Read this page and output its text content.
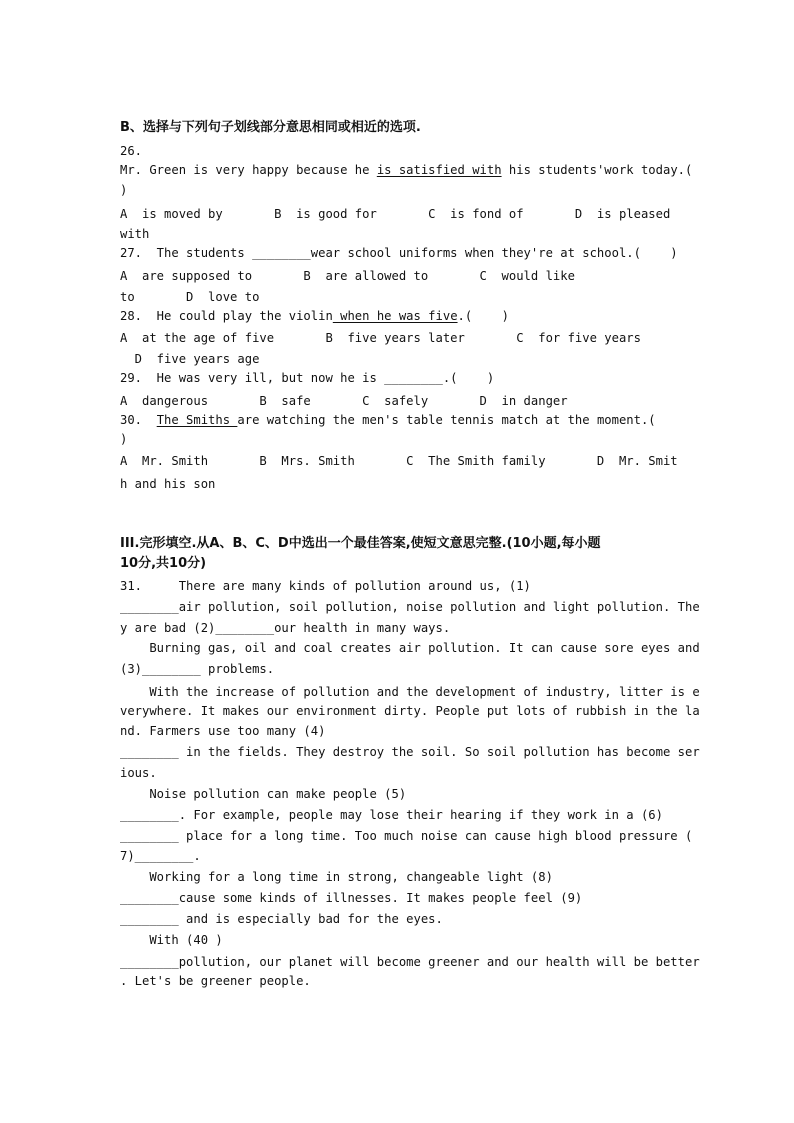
B、选择与下列句子划线部分意思相同或相近的选项.
26.
Mr. Green is very happy because he is satisfied with his students'work today.(
)
A  is moved by       B  is good for       C  is fond of       D  is pleased
with
27.  The students ________wear school uniforms when they're at school.(    )
A  are supposed to       B  are allowed to       C  would like
to       D  love to
28.  He could play the violin when he was five.(    )
A  at the age of five       B  five years later       C  for five years
D  five years age
29.  He was very ill, but now he is ________.(    )
A  dangerous       B  safe       C  safely       D  in danger
30.  The Smiths are watching the men's table tennis match at the moment.(
)
A  Mr. Smith       B  Mrs. Smith       C  The Smith family       D  Mr. Smit
h and his son
III.完形填空.从A、B、C、D中选出一个最佳答案,使短文意思完整.(10小题,每小题
10分,共10分)
31.     There are many kinds of pollution around us, (1)
________air pollution, soil pollution, noise pollution and light pollution. The
y are bad (2)________our health in many ways.
Burning gas, oil and coal creates air pollution. It can cause sore eyes and
(3)________ problems.
With the increase of pollution and the development of industry, litter is e
verywhere. It makes our environment dirty. People put lots of rubbish in the la
nd. Farmers use too many (4)
________ in the fields. They destroy the soil. So soil pollution has become ser
ious.
Noise pollution can make people (5)
________. For example, people may lose their hearing if they work in a (6)
________ place for a long time. Too much noise can cause high blood pressure (
7)________.
Working for a long time in strong, changeable light (8)
________cause some kinds of illnesses. It makes people feel (9)
________ and is especially bad for the eyes.
With (40 )
________pollution, our planet will become greener and our health will be better
. Let's be greener people.
